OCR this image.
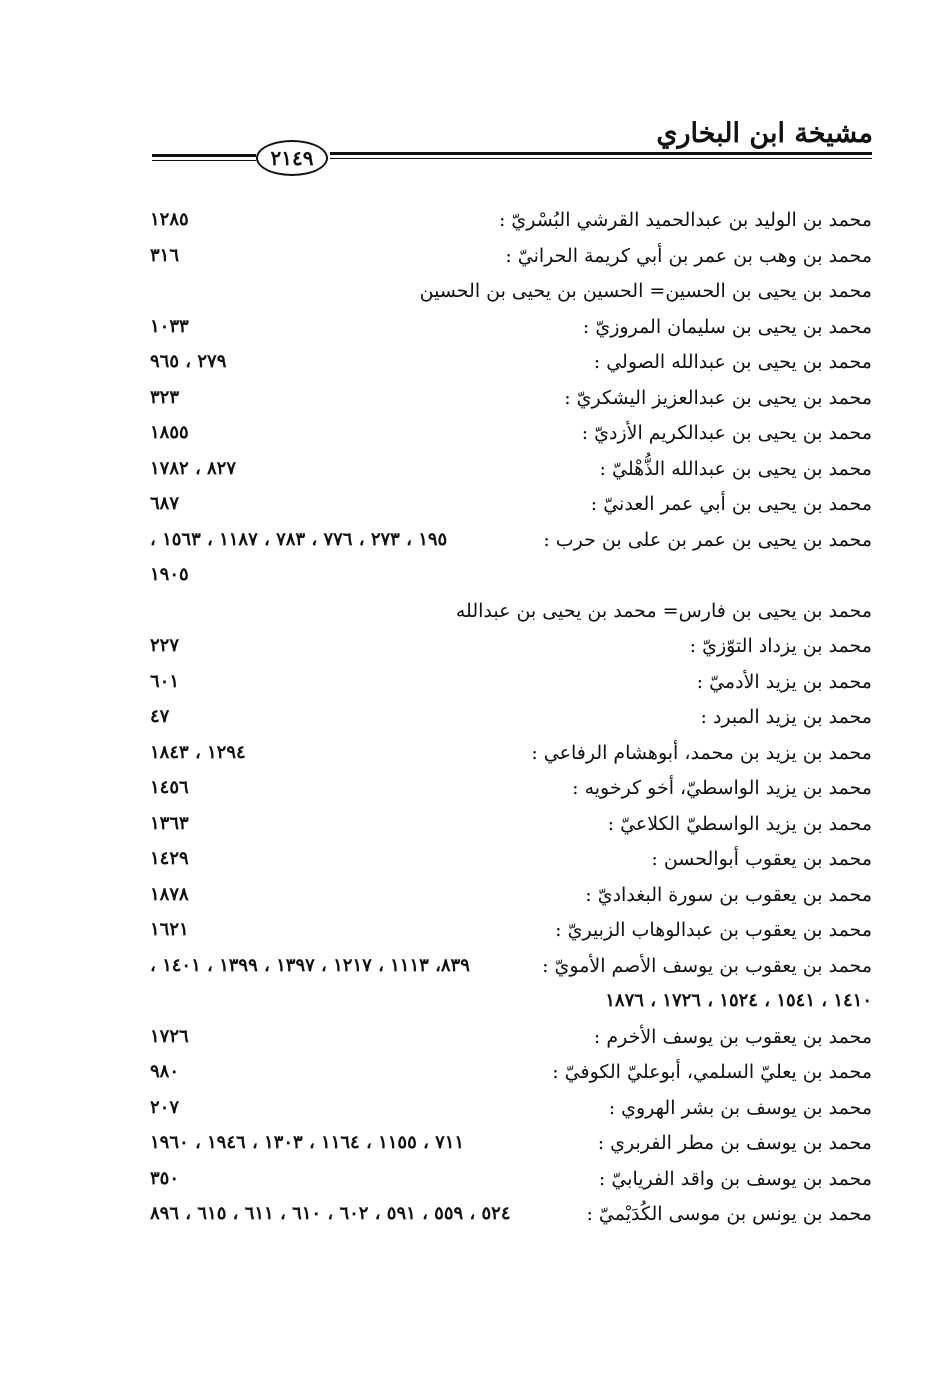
مشيخة ابن البخاري
٢١٤٩
محمد بن الوليد بن عبدالحميد القرشي البُسْريّ :
١٢٨٥
محمد بن وهب بن عمر بن أبي كريمة الحرانيّ :
٣١٦
محمد بن يحيى بن الحسين= الحسين بن يحيى بن الحسين
محمد بن يحيى بن سليمان المروزيّ :
١٠٣٣
محمد بن يحيى بن عبدالله الصولي :
٢٧٩ ، ٩٦٥
محمد بن يحيى بن عبدالعزيز اليشكريّ :
٣٢٣
محمد بن يحيى بن عبدالكريم الأزديّ :
١٨٥٥
محمد بن يحيى بن عبدالله الذُّهْليّ :
٨٢٧ ، ١٧٨٢
محمد بن يحيى بن أبي عمر العدنيّ :
٦٨٧
محمد بن يحيى بن عمر بن على بن حرب :
١٩٥ ، ٢٧٣ ، ٧٧٦ ، ٧٨٣ ، ١١٨٧ ، ١٥٦٣ ،
١٩٠٥
محمد بن يحيى بن فارس= محمد بن يحيى بن عبدالله
محمد بن يزداد التوّزيّ :
٢٢٧
محمد بن يزيد الأدميّ :
٦٠١
محمد بن يزيد المبرد :
٤٧
محمد بن يزيد بن محمد، أبوهشام الرفاعي :
١٢٩٤ ، ١٨٤٣
محمد بن يزيد الواسطيّ، أخو كرخويه :
١٤٥٦
محمد بن يزيد الواسطيّ الكلاعيّ :
١٣٦٣
محمد بن يعقوب أبوالحسن :
١٤٢٩
محمد بن يعقوب بن سورة البغداديّ :
١٨٧٨
محمد بن يعقوب بن عبدالوهاب الزبيريّ :
١٦٢١
محمد بن يعقوب بن يوسف الأصم الأمويّ :
٨٣٩، ١١١٣ ، ١٢١٧ ، ١٣٩٧ ، ١٣٩٩ ، ١٤٠١ ،
١٤١٠ ، ١٥٤١ ، ١٥٢٤ ، ١٧٢٦ ، ١٨٧٦
محمد بن يعقوب بن يوسف الأخرم :
١٧٢٦
محمد بن يعليّ السلمي، أبوعليّ الكوفيّ :
٩٨٠
محمد بن يوسف بن بشر الهروي :
٢٠٧
محمد بن يوسف بن مطر الفربري :
٧١١ ، ١١٥٥ ، ١١٦٤ ، ١٣٠٣ ، ١٩٤٦ ، ١٩٦٠
محمد بن يوسف بن واقد الفريابيّ :
٣٥٠
محمد بن يونس بن موسى الكُدَيْميّ :
٥٢٤ ، ٥٥٩ ، ٥٩١ ، ٦٠٢ ، ٦١٠ ، ٦١١ ، ٦١٥ ، ٨٩٦
